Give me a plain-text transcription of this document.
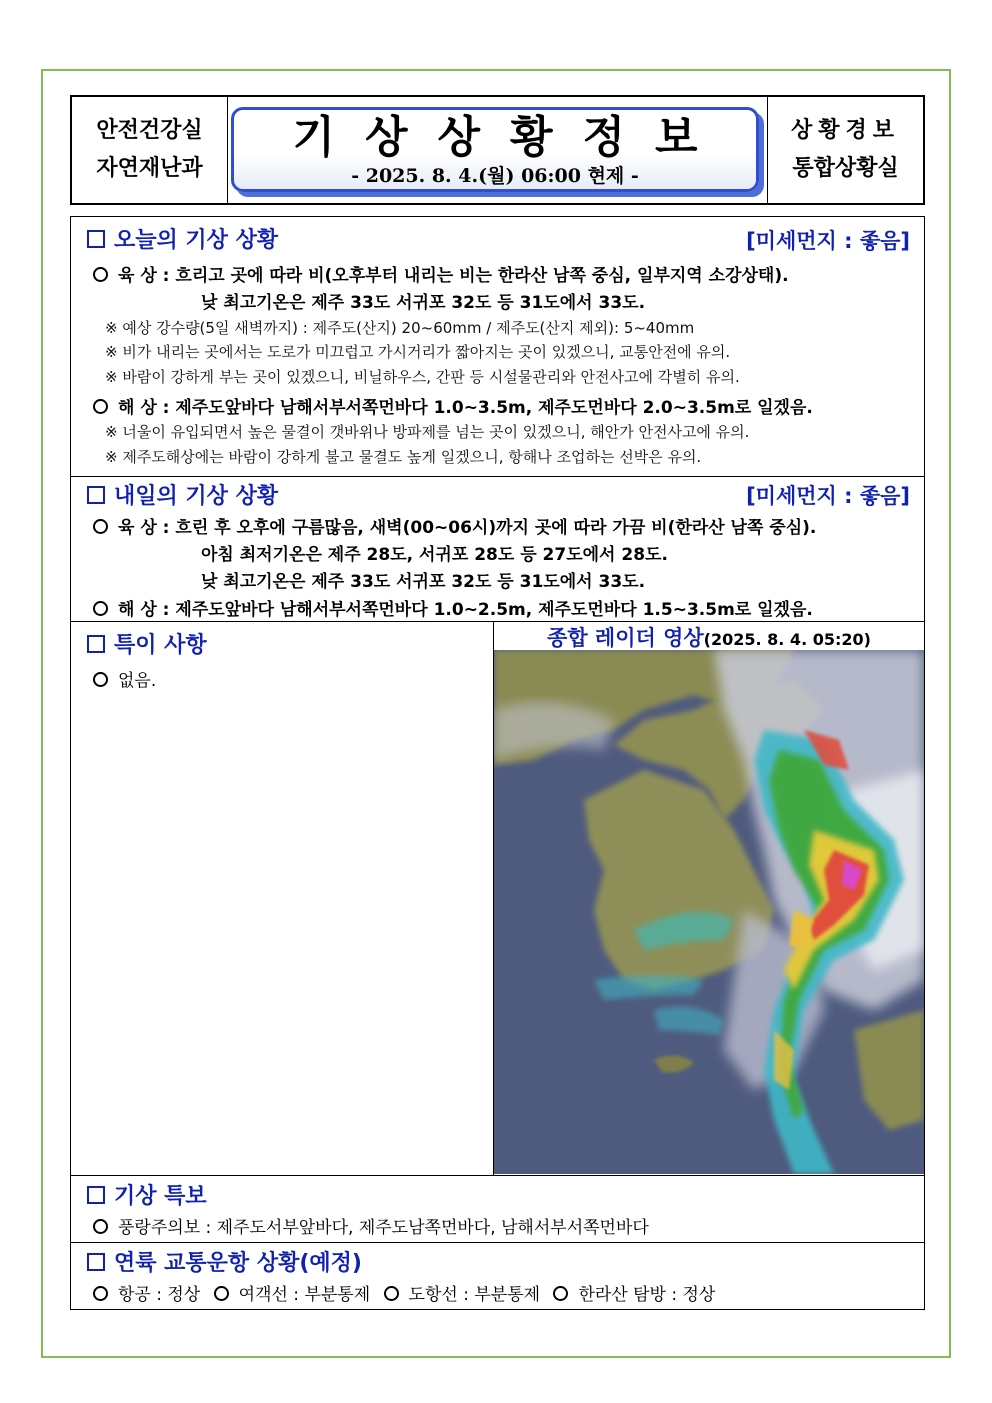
안전건강실
자연재난과
기상상황정보
- 2025. 8. 4.(월) 06:00 현제 -
상황경보
통합상황실
오늘의 기상 상황	[미세먼지 : 좋음]
육 상 : 흐리고 곳에 따라 비(오후부터 내리는 비는 한라산 남쪽 중심, 일부지역 소강상태).
낮 최고기온은 제주 33도 서귀포 32도 등 31도에서 33도.
※ 예상 강수량(5일 새벽까지) : 제주도(산지) 20~60mm / 제주도(산지 제외): 5~40mm
※ 비가 내리는 곳에서는 도로가 미끄럽고 가시거리가 짧아지는 곳이 있겠으니, 교통안전에 유의.
※ 바람이 강하게 부는 곳이 있겠으니, 비닐하우스, 간판 등 시설물관리와 안전사고에 각별히 유의.
해 상 : 제주도앞바다 남해서부서쪽먼바다 1.0~3.5m, 제주도먼바다 2.0~3.5m로 일겠음.
※ 너울이 유입되면서 높은 물결이 갯바위나 방파제를 넘는 곳이 있겠으니, 해안가 안전사고에 유의.
※ 제주도해상에는 바람이 강하게 불고 물결도 높게 일겠으니, 항해나 조업하는 선박은 유의.
내일의 기상 상황	[미세먼지 : 좋음]
육 상 : 흐린 후 오후에 구름많음, 새벽(00~06시)까지 곳에 따라 가끔 비(한라산 남쪽 중심).
아침 최저기온은 제주 28도, 서귀포 28도 등 27도에서 28도.
낮 최고기온은 제주 33도 서귀포 32도 등 31도에서 33도.
해 상 : 제주도앞바다 남해서부서쪽먼바다 1.0~2.5m, 제주도먼바다 1.5~3.5m로 일겠음.
특이 사항
없음.
종합 레이더 영상(2025. 8. 4. 05:20)
기상 특보
풍랑주의보 : 제주도서부앞바다, 제주도남쪽먼바다, 남해서부서쪽먼바다
연륙 교통운항 상황(예정)
항공 : 정상 여객선 : 부분통제 도항선 : 부분통제 한라산 탐방 : 정상
